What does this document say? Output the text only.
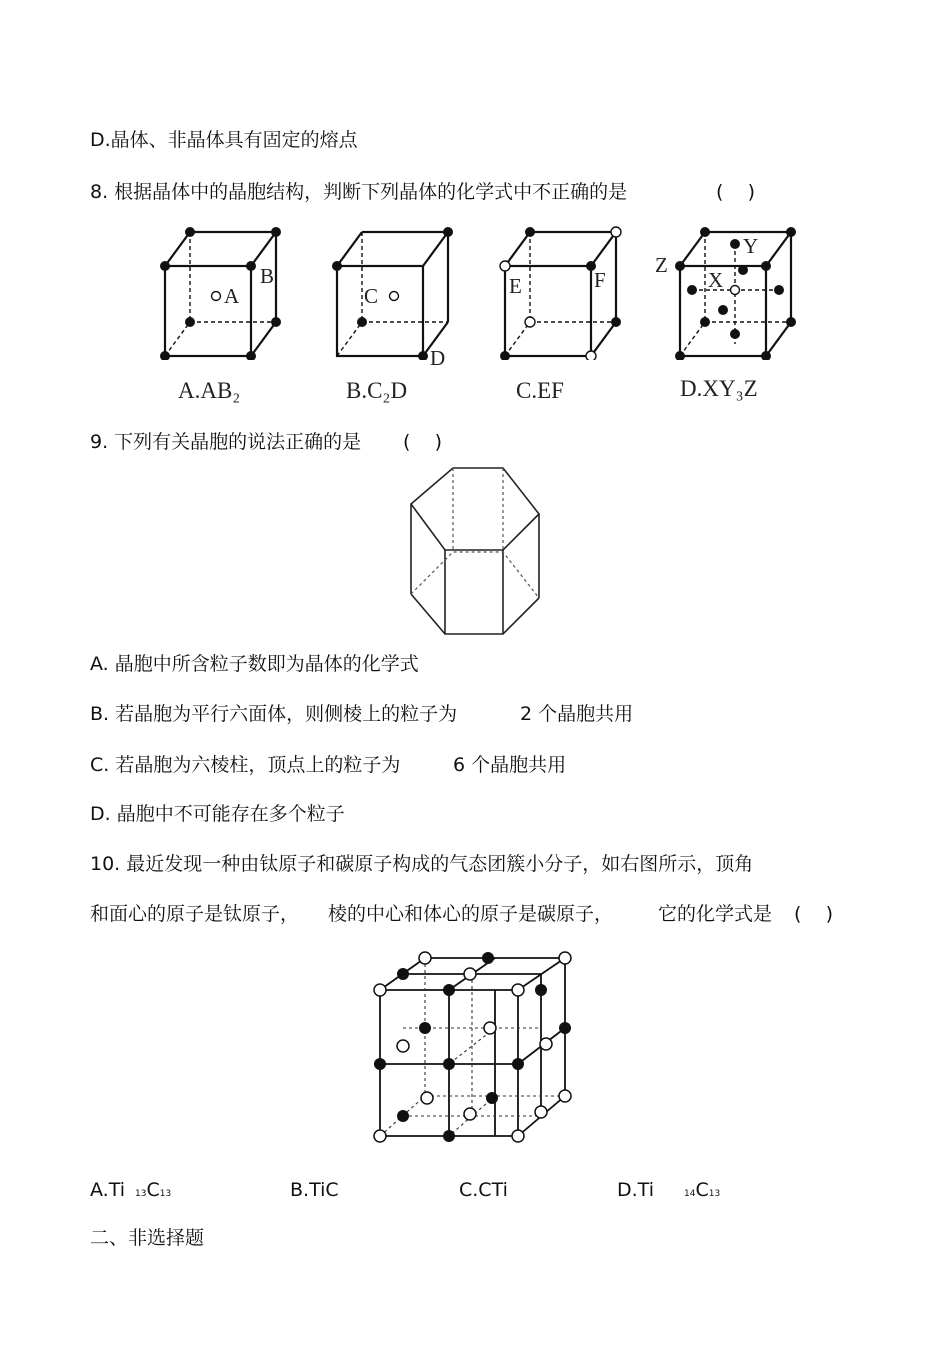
D.晶体、非晶体具有固定的熔点
8. 根据晶体中的晶胞结构，判断下列晶体的化学式中不正确的是	(    )
A
B
A.AB₂
C
D
B.C₂D
E	F
C.EF
Z
Y
X
D.XY₃Z
9. 下列有关晶胞的说法正确的是 (    )
A. 晶胞中所含粒子数即为晶体的化学式
B. 若晶胞为平行六面体，则侧棱上的粒子为	2 个晶胞共用
C. 若晶胞为六棱柱，顶点上的粒子为	6 个晶胞共用
D. 晶胞中不可能存在多个粒子
10. 最近发现一种由钛原子和碳原子构成的气态团簇小分子，如右图所示，顶角
和面心的原子是钛原子， 棱的中心和体心的原子是碳原子， 它的化学式是 (    )
A.Ti 13C13	B.TiC	C.CTi	D.Ti	14C13
二、非选择题
